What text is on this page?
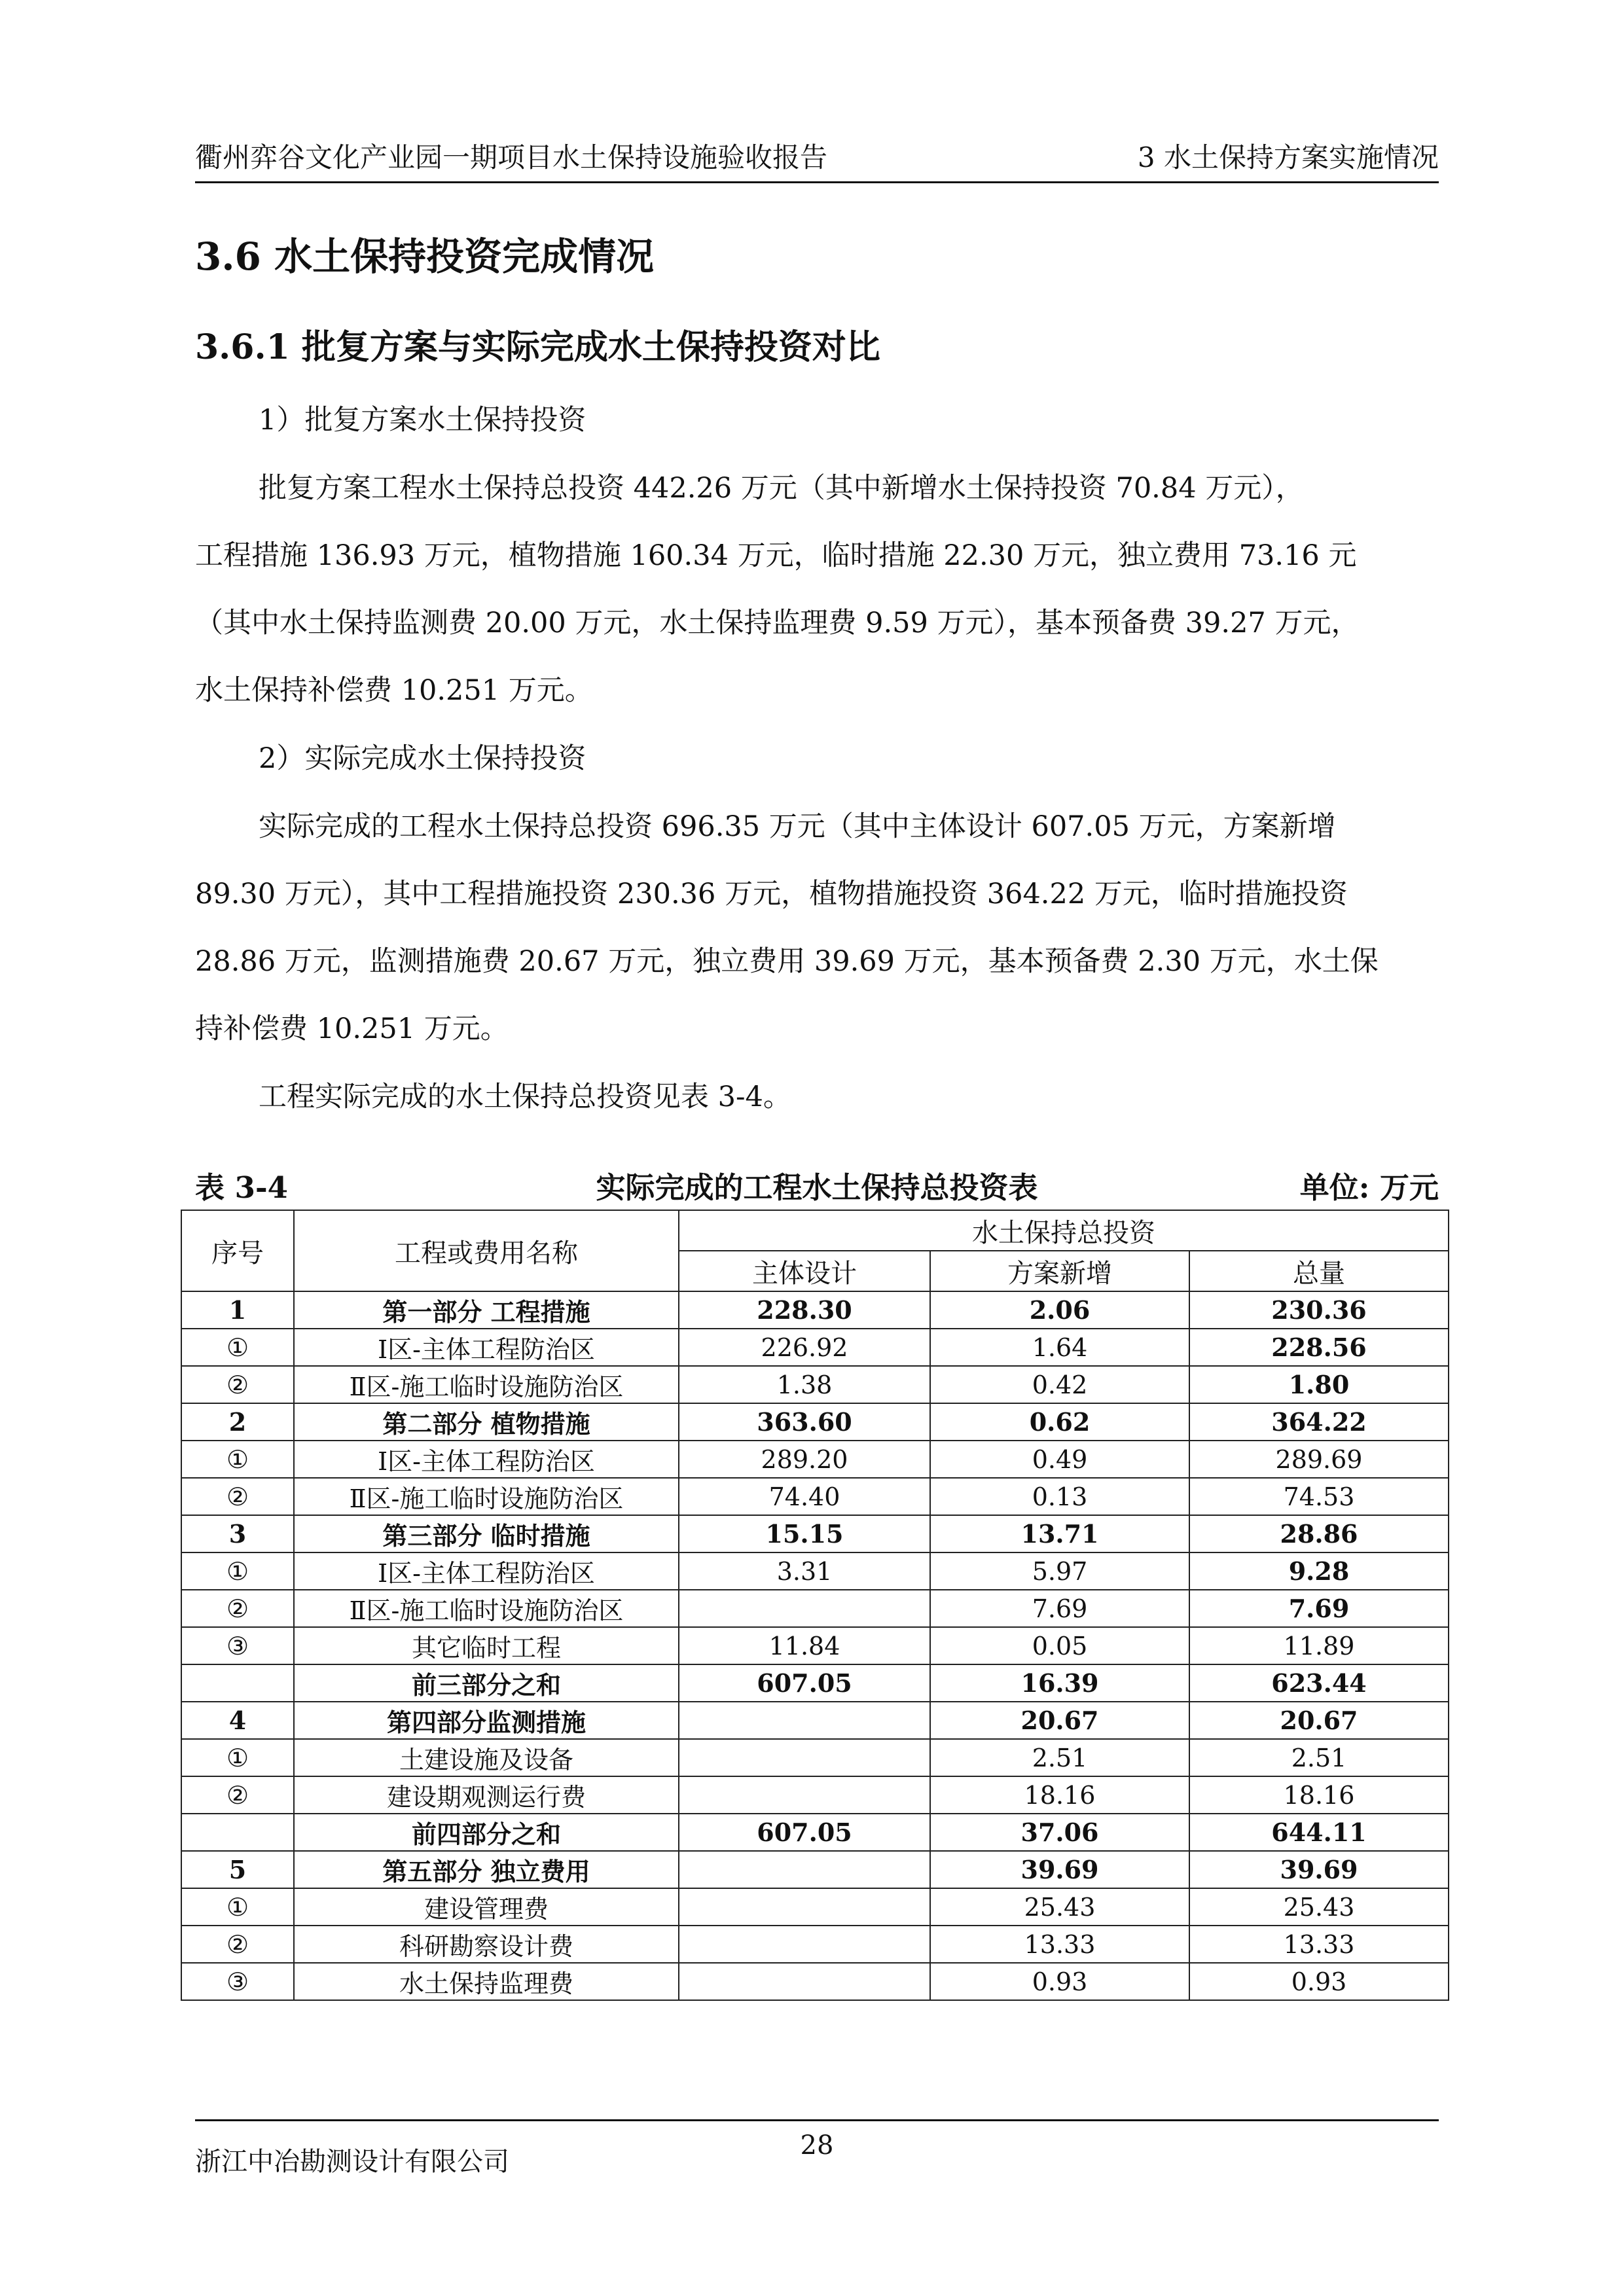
衢州弈谷文化产业园一期项目水土保持设施验收报告	3 水土保持方案实施情况
3.6 水土保持投资完成情况
3.6.1 批复方案与实际完成水土保持投资对比
1）批复方案水土保持投资
批复方案工程水土保持总投资 442.26 万元（其中新增水土保持投资 70.84 万元），
工程措施 136.93 万元，植物措施 160.34 万元，临时措施 22.30 万元，独立费用 73.16 元
（其中水土保持监测费 20.00 万元，水土保持监理费 9.59 万元），基本预备费 39.27 万元，
水土保持补偿费 10.251 万元。
2）实际完成水土保持投资
实际完成的工程水土保持总投资 696.35 万元（其中主体设计 607.05 万元，方案新增
89.30 万元），其中工程措施投资 230.36 万元，植物措施投资 364.22 万元，临时措施投资
28.86 万元，监测措施费 20.67 万元，独立费用 39.69 万元，基本预备费 2.30 万元，水土保
持补偿费 10.251 万元。
工程实际完成的水土保持总投资见表 3-4。
表 3-4	实际完成的工程水土保持总投资表	单位: 万元
序号	工程或费用名称	水土保持总投资		
		主体设计	方案新增	总量
1	第一部分 工程措施	228.30	2.06	230.36
①	Ⅰ区-主体工程防治区	226.92	1.64	228.56
②	Ⅱ区-施工临时设施防治区	1.38	0.42	1.80
2	第二部分 植物措施	363.60	0.62	364.22
①	Ⅰ区-主体工程防治区	289.20	0.49	289.69
②	Ⅱ区-施工临时设施防治区	74.40	0.13	74.53
3	第三部分 临时措施	15.15	13.71	28.86
①	Ⅰ区-主体工程防治区	3.31	5.97	9.28
②	Ⅱ区-施工临时设施防治区		7.69	7.69
③	其它临时工程	11.84	0.05	11.89
	前三部分之和	607.05	16.39	623.44
4	第四部分监测措施		20.67	20.67
①	土建设施及设备		2.51	2.51
②	建设期观测运行费		18.16	18.16
	前四部分之和	607.05	37.06	644.11
5	第五部分 独立费用		39.69	39.69
①	建设管理费		25.43	25.43
②	科研勘察设计费		13.33	13.33
③	水土保持监理费		0.93	0.93
浙江中冶勘测设计有限公司
28
